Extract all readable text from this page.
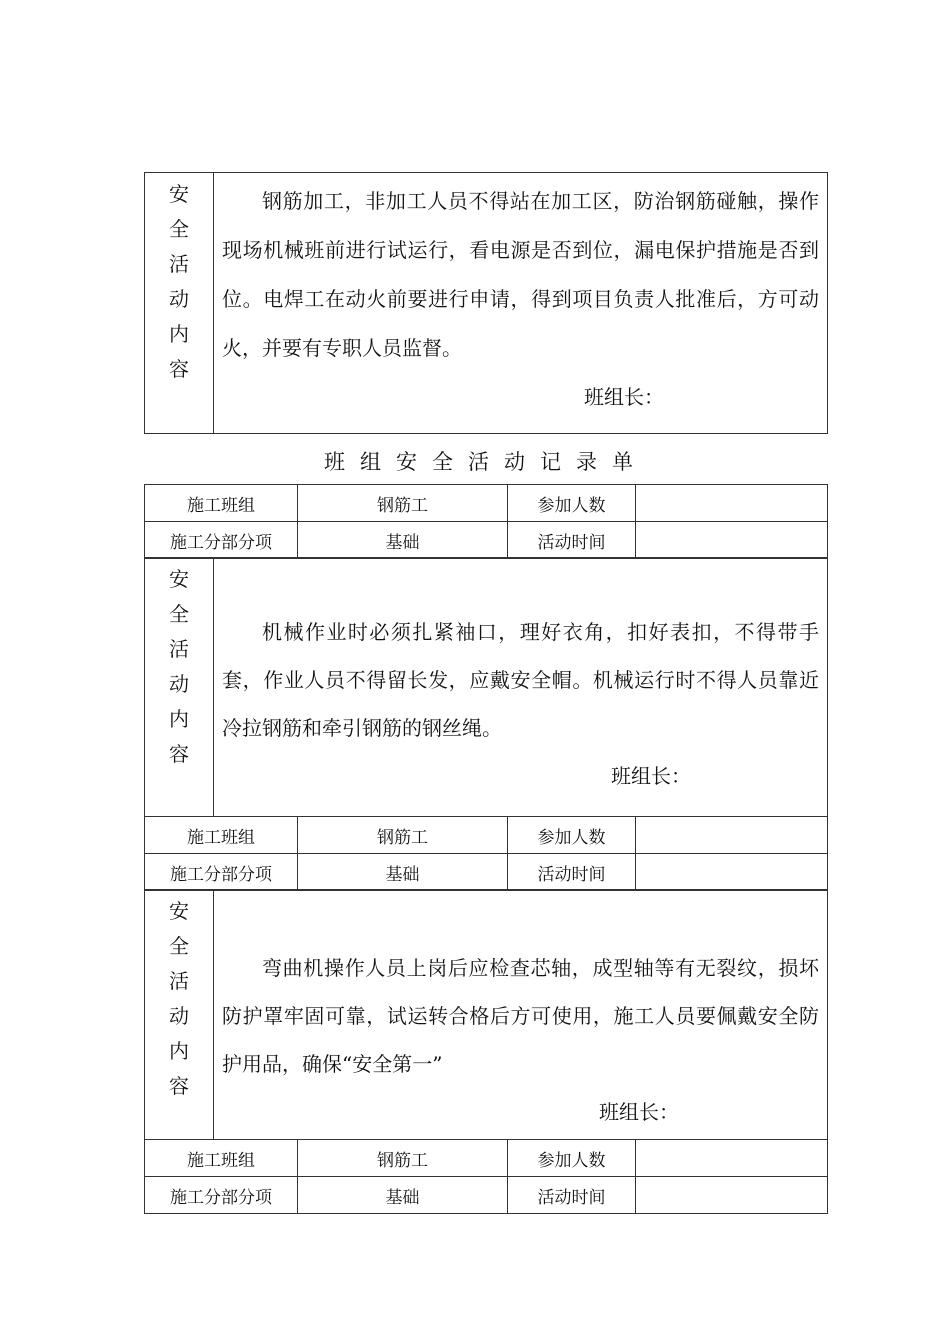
安
全
活
动
内
容

钢筋加工，非加工人员不得站在加工区，防治钢筋碰触，操作现场机械班前进行试运行，看电源是否到位，漏电保护措施是否到位。电焊工在动火前要进行申请，得到项目负责人批准后，方可动火，并要有专职人员监督。

班组长：
班组安全活动记录单
施工班组	钢筋工	参加人数	
施工分部分项	基础	活动时间	
安
全
活
动
内
容

机械作业时必须扎紧袖口，理好衣角，扣好表扣，不得带手套，作业人员不得留长发，应戴安全帽。机械运行时不得人员靠近冷拉钢筋和牵引钢筋的钢丝绳。

班组长：
施工班组	钢筋工	参加人数	
施工分部分项	基础	活动时间	
安
全
活
动
内
容

弯曲机操作人员上岗后应检查芯轴，成型轴等有无裂纹，损坏防护罩牢固可靠，试运转合格后方可使用，施工人员要佩戴安全防护用品，确保“安全第一”

班组长：
施工班组	钢筋工	参加人数	
施工分部分项	基础	活动时间	
